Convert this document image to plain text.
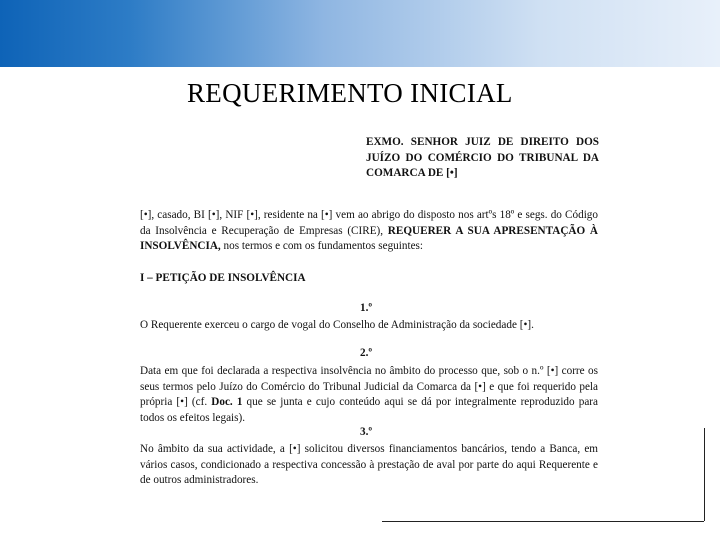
REQUERIMENTO INICIAL
EXMO. SENHOR JUIZ DE DIREITO DOS JUÍZO DO COMÉRCIO DO TRIBUNAL DA COMARCA DE [•]
[•], casado, BI [•], NIF [•], residente na [•] vem ao abrigo do disposto nos artºs 18º e segs. do Código da Insolvência e Recuperação de Empresas (CIRE), REQUERER A SUA APRESENTAÇÃO À INSOLVÊNCIA, nos termos e com os fundamentos seguintes:
I – PETIÇÃO DE INSOLVÊNCIA
1.º
O Requerente exerceu o cargo de vogal do Conselho de Administração da sociedade [•].
2.º
Data em que foi declarada a respectiva insolvência no âmbito do processo que, sob o n.º [•] corre os seus termos pelo Juízo do Comércio do Tribunal Judicial da Comarca da [•] e que foi requerido pela própria [•] (cf. Doc. 1 que se junta e cujo conteúdo aqui se dá por integralmente reproduzido para todos os efeitos legais).
3.º
No âmbito da sua actividade, a [•] solicitou diversos financiamentos bancários, tendo a Banca, em vários casos, condicionado a respectiva concessão à prestação de aval por parte do aqui Requerente e de outros administradores.
